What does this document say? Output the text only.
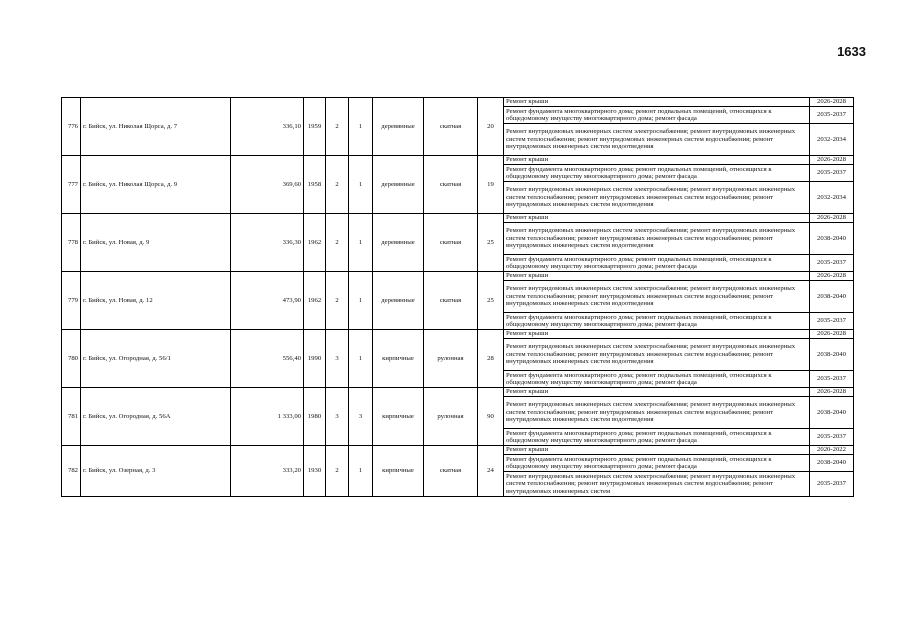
1633
776	г. Бийск, ул. Николая Щорса, д. 7	336,10	1959	2	1	деревянные	скатная	20	Ремонт крыши	2026-2028
									Ремонт фундамента многоквартирного дома; ремонт подвальных помещений, относящихся к общедомовому имуществу многоквартирного дома; ремонт фасада	2035-2037
									Ремонт внутридомовых инженерных систем электроснабжения; ремонт внутридомовых инженерных систем теплоснабжения; ремонт внутридомовых инженерных систем водоснабжения; ремонт внутридомовых инженерных систем водоотведения	2032-2034
777	г. Бийск, ул. Николая Щорса, д. 9	369,60	1958	2	1	деревянные	скатная	19	Ремонт крыши	2026-2028
									Ремонт фундамента многоквартирного дома; ремонт подвальных помещений, относящихся к общедомовому имуществу многоквартирного дома; ремонт фасада	2035-2037
									Ремонт внутридомовых инженерных систем электроснабжения; ремонт внутридомовых инженерных систем теплоснабжения; ремонт внутридомовых инженерных систем водоснабжения; ремонт внутридомовых инженерных систем водоотведения	2032-2034
778	г. Бийск, ул. Новая, д. 9	336,30	1962	2	1	деревянные	скатная	25	Ремонт крыши	2026-2028
									Ремонт внутридомовых инженерных систем электроснабжения; ремонт внутридомовых инженерных систем теплоснабжения; ремонт внутридомовых инженерных систем водоснабжения; ремонт внутридомовых инженерных систем водоотведения	2038-2040
									Ремонт фундамента многоквартирного дома; ремонт подвальных помещений, относящихся к общедомовому имуществу многоквартирного дома; ремонт фасада	2035-2037
779	г. Бийск, ул. Новая, д. 12	473,90	1962	2	1	деревянные	скатная	25	Ремонт крыши	2026-2028
									Ремонт внутридомовых инженерных систем электроснабжения; ремонт внутридомовых инженерных систем теплоснабжения; ремонт внутридомовых инженерных систем водоснабжения; ремонт внутридомовых инженерных систем водоотведения	2038-2040
									Ремонт фундамента многоквартирного дома; ремонт подвальных помещений, относящихся к общедомовому имуществу многоквартирного дома; ремонт фасада	2035-2037
780	г. Бийск, ул. Огородная, д. 56/1	556,40	1990	3	1	кирпичные	рулонная	28	Ремонт крыши	2026-2028
									Ремонт внутридомовых инженерных систем электроснабжения; ремонт внутридомовых инженерных систем теплоснабжения; ремонт внутридомовых инженерных систем водоснабжения; ремонт внутридомовых инженерных систем водоотведения	2038-2040
									Ремонт фундамента многоквартирного дома; ремонт подвальных помещений, относящихся к общедомовому имуществу многоквартирного дома; ремонт фасада	2035-2037
781	г. Бийск, ул. Огородная, д. 56А	1 333,00	1980	3	3	кирпичные	рулонная	90	Ремонт крыши	2026-2028
									Ремонт внутридомовых инженерных систем электроснабжения; ремонт внутридомовых инженерных систем теплоснабжения; ремонт внутридомовых инженерных систем водоснабжения; ремонт внутридомовых инженерных систем водоотведения	2038-2040
									Ремонт фундамента многоквартирного дома; ремонт подвальных помещений, относящихся к общедомовому имуществу многоквартирного дома; ремонт фасада	2035-2037
782	г. Бийск, ул. Озерная, д. 3	333,20	1930	2	1	кирпичные	скатная	24	Ремонт крыши	2020-2022
									Ремонт фундамента многоквартирного дома; ремонт подвальных помещений, относящихся к общедомовому имуществу многоквартирного дома; ремонт фасада	2038-2040
									Ремонт внутридомовых инженерных систем электроснабжения; ремонт внутридомовых инженерных систем теплоснабжения; ремонт внутридомовых инженерных систем водоснабжения; ремонт внутридомовых инженерных систем	2035-2037
